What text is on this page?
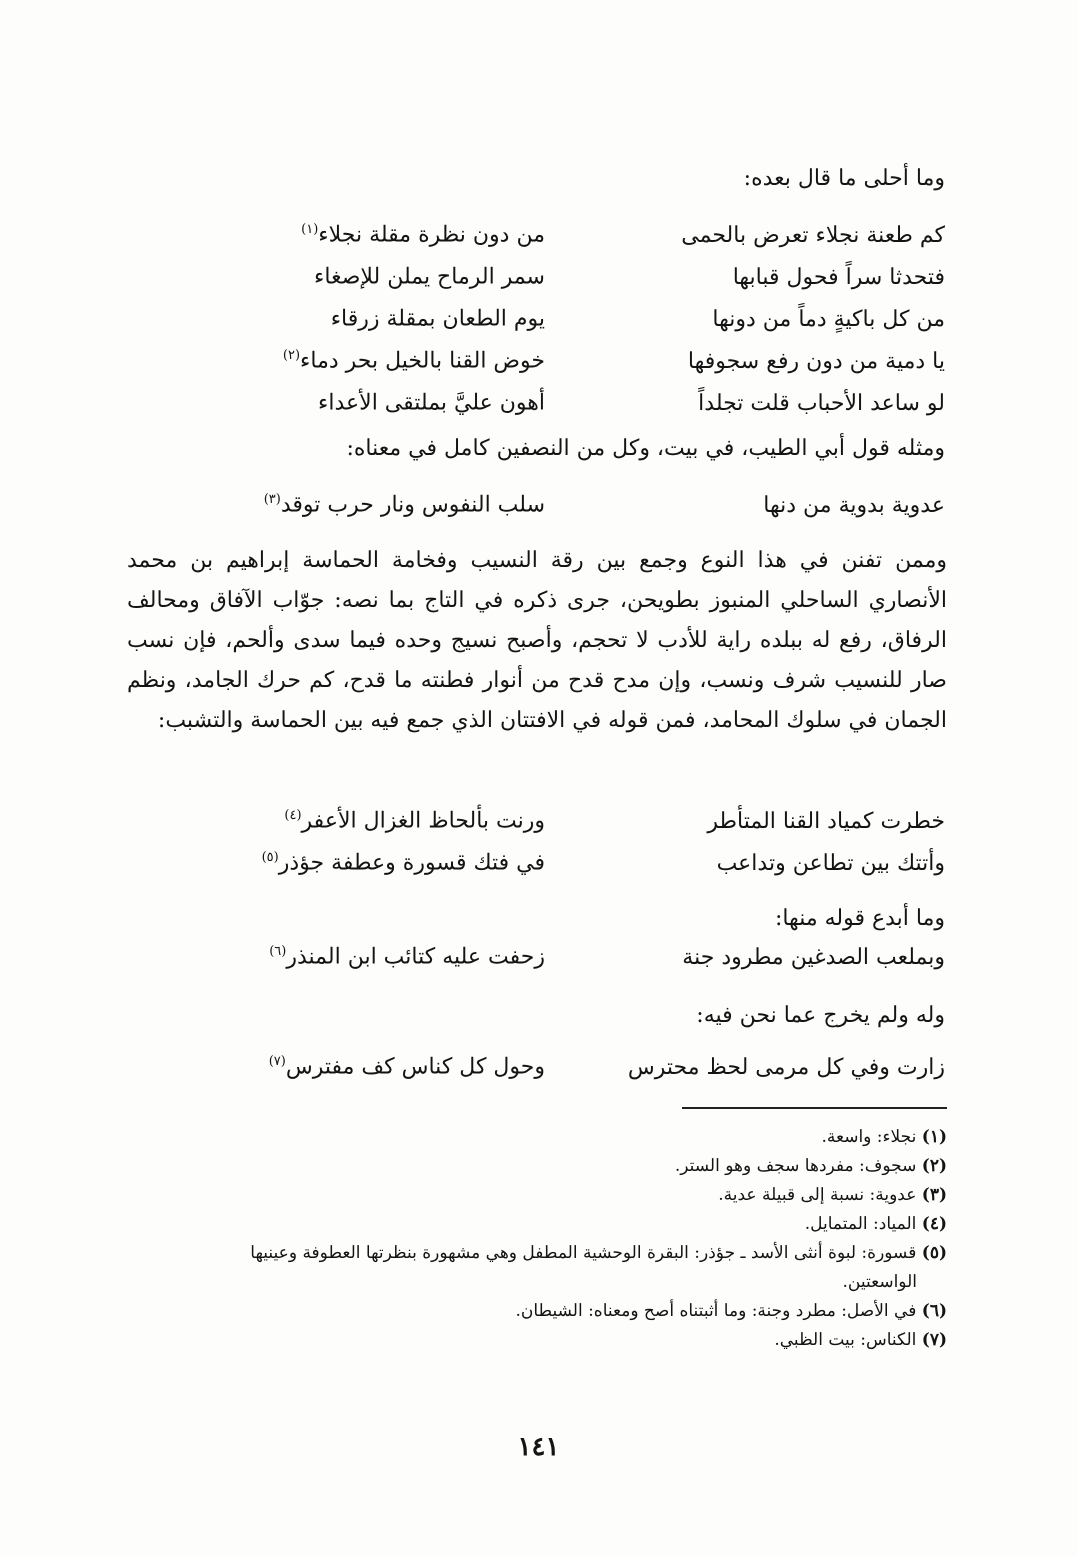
وما أحلى ما قال بعده:
كم طعنة نجلاء تعرض بالحمى
من دون نظرة مقلة نجلاء$^{(١)}$
فتحدثا سراً فحول قبابها
سمر الرماح يملن للإصغاء
من كل باكيةٍ دماً من دونها
يوم الطعان بمقلة زرقاء
يا دمية من دون رفع سجوفها
خوض القنا بالخيل بحر دماء$^{(٢)}$
لو ساعد الأحباب قلت تجلداً
أهون عليَّ بملتقى الأعداء
ومثله قول أبي الطيب، في بيت، وكل من النصفين كامل في معناه:
عدوية بدوية من دنها
سلب النفوس ونار حرب توقد$^{(٣)}$
وممن تفنن في هذا النوع وجمع بين رقة النسيب وفخامة الحماسة إبراهيم بن محمد الأنصاري الساحلي المنبوز بطويحن، جرى ذكره في التاج بما نصه: جوّاب الآفاق ومحالف الرفاق، رفع له ببلده راية للأدب لا تحجم، وأصبح نسيج وحده فيما سدى وألحم، فإن نسب صار للنسيب شرف ونسب، وإن مدح قدح من أنوار فطنته ما قدح، كم حرك الجامد، ونظم الجمان في سلوك المحامد، فمن قوله في الافتتان الذي جمع فيه بين الحماسة والتشبب:
خطرت كمياد القنا المتأطر
ورنت بألحاظ الغزال الأعفر$^{(٤)}$
وأتتك بين تطاعن وتداعب
في فتك قسورة وعطفة جؤذر$^{(٥)}$
وما أبدع قوله منها:
وبملعب الصدغين مطرود جنة
زحفت عليه كتائب ابن المنذر$^{(٦)}$
وله ولم يخرج عما نحن فيه:
زارت وفي كل مرمى لحظ محترس
وحول كل كناس كف مفترس$^{(٧)}$
(١) نجلاء: واسعة.
(٢) سجوف: مفردها سجف وهو الستر.
(٣) عدوية: نسبة إلى قبيلة عدية.
(٤) المياد: المتمايل.
(٥) قسورة: لبوة أنثى الأسد ـ جؤذر: البقرة الوحشية المطفل وهي مشهورة بنظرتها العطوفة وعينيها
الواسعتين.
(٦) في الأصل: مطرد وجنة: وما أثبتناه أصح ومعناه: الشيطان.
(٧) الكناس: بيت الظبي.
١٤١
